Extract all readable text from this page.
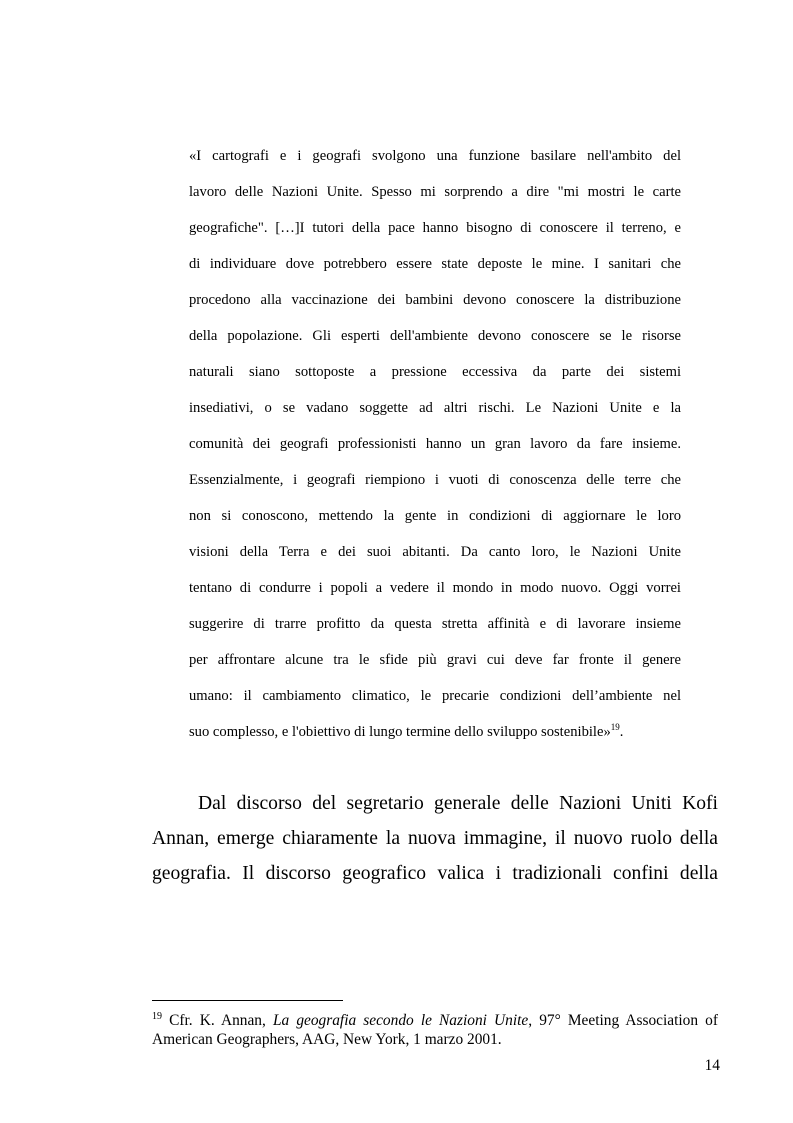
«I cartografi e i geografi svolgono una funzione basilare nell'ambito del
lavoro delle Nazioni Unite. Spesso mi sorprendo a dire "mi mostri le carte
geografiche". […]I tutori della pace hanno bisogno di conoscere il terreno, e
di individuare dove potrebbero essere state deposte le mine. I sanitari che
procedono alla vaccinazione dei bambini devono conoscere la distribuzione
della popolazione. Gli esperti dell'ambiente devono conoscere se le risorse
naturali siano sottoposte a pressione eccessiva da parte dei sistemi
insediativi, o se vadano soggette ad altri rischi. Le Nazioni Unite e la
comunità dei geografi professionisti hanno un gran lavoro da fare insieme.
Essenzialmente, i geografi riempiono i vuoti di conoscenza delle terre che
non si conoscono, mettendo la gente in condizioni di aggiornare le loro
visioni della Terra e dei suoi abitanti. Da canto loro, le Nazioni Unite
tentano di condurre i popoli a vedere il mondo in modo nuovo. Oggi vorrei
suggerire di trarre profitto da questa stretta affinità e di lavorare insieme
per affrontare alcune tra le sfide più gravi cui deve far fronte il genere
umano: il cambiamento climatico, le precarie condizioni dell’ambiente nel
suo complesso, e l'obiettivo di lungo termine dello sviluppo sostenibile»$^{19}$.
Dal discorso del segretario generale delle Nazioni Uniti Kofi
Annan, emerge chiaramente la nuova immagine, il nuovo ruolo della
geografia. Il discorso geografico valica i tradizionali confini della
$^{19}$ Cfr. K. Annan, La geografia secondo le Nazioni Unite, 97° Meeting Association of
American Geographers, AAG, New York, 1 marzo 2001.
14
